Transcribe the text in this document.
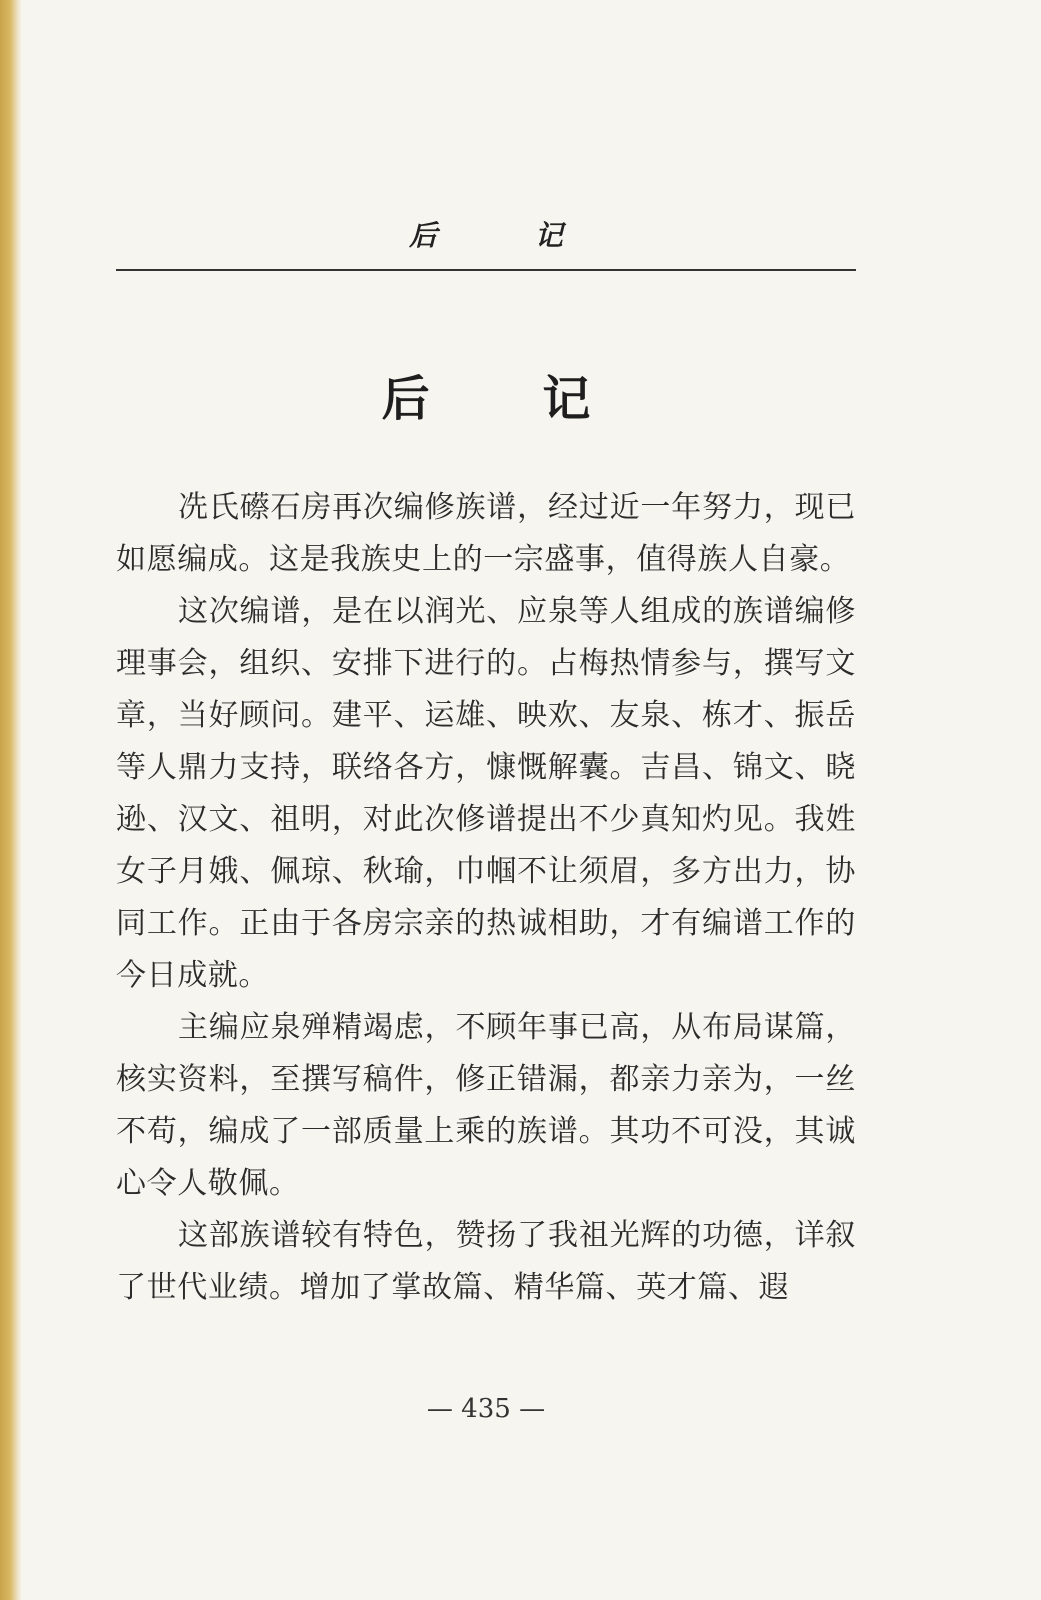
后 记
后 记

冼氏礤石房再次编修族谱，经过近一年努力，现已如愿编成。这是我族史上的一宗盛事，值得族人自豪。

这次编谱，是在以润光、应泉等人组成的族谱编修理事会，组织、安排下进行的。占梅热情参与，撰写文章，当好顾问。建平、运雄、映欢、友泉、栋才、振岳等人鼎力支持，联络各方，慷慨解囊。吉昌、锦文、晓逊、汉文、祖明，对此次修谱提出不少真知灼见。我姓女子月娥、佩琼、秋瑜，巾帼不让须眉，多方出力，协同工作。正由于各房宗亲的热诚相助，才有编谱工作的今日成就。

主编应泉殚精竭虑，不顾年事已高，从布局谋篇，核实资料，至撰写稿件，修正错漏，都亲力亲为，一丝不苟，编成了一部质量上乘的族谱。其功不可没，其诚心令人敬佩。

这部族谱较有特色，赞扬了我祖光辉的功德，详叙了世代业绩。增加了掌故篇、精华篇、英才篇、遐

— 435 —
